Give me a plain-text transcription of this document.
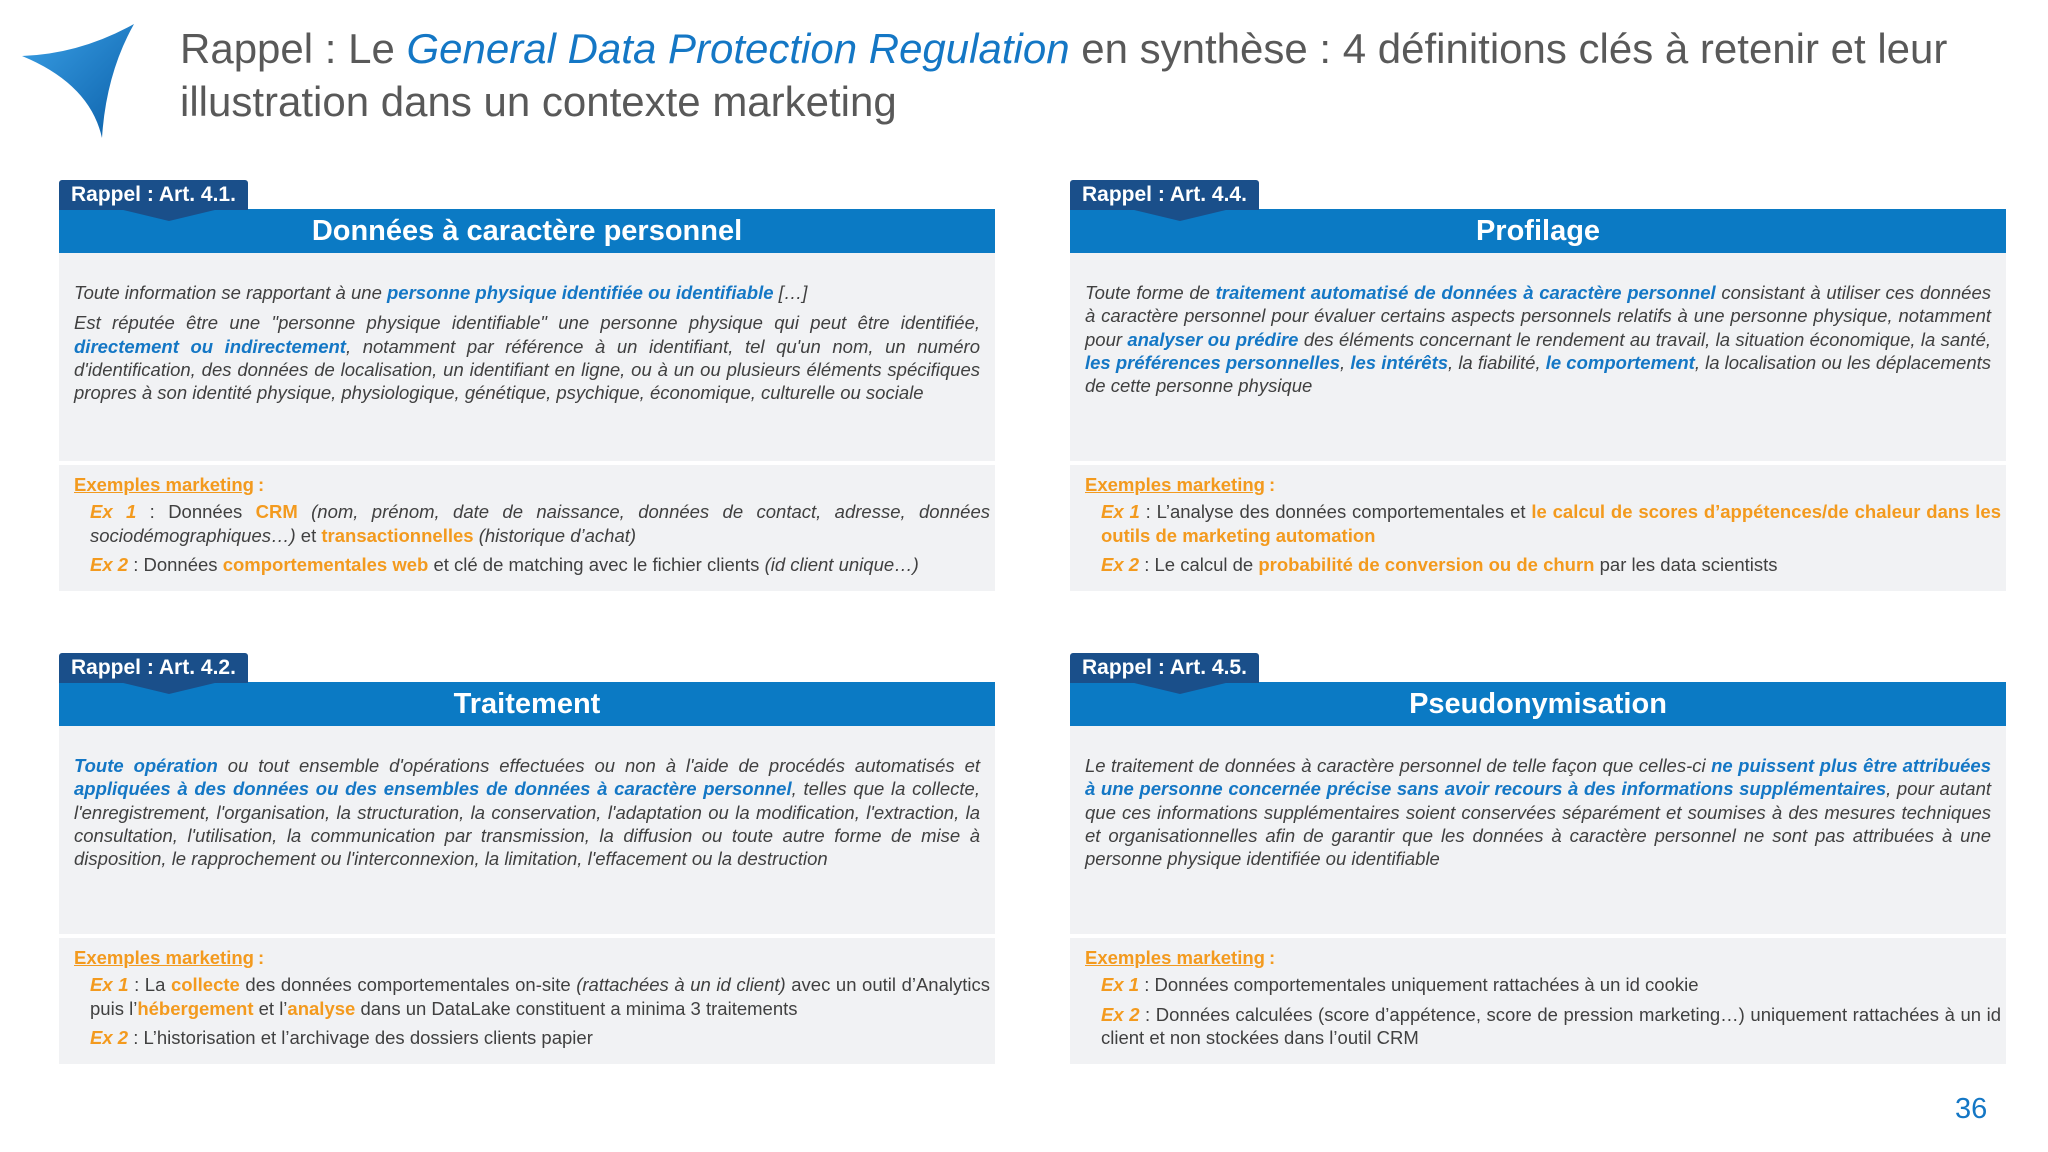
Rappel : Le General Data Protection Regulation en synthèse : 4 définitions clés à retenir et leur illustration dans un contexte marketing
Rappel : Art. 4.1.
Données à caractère personnel

Toute information se rapportant à une personne physique identifiée ou identifiable […]

Est réputée être une "personne physique identifiable" une personne physique qui peut être identifiée, directement ou indirectement, notamment par référence à un identifiant, tel qu'un nom, un numéro d'identification, des données de localisation, un identifiant en ligne, ou à un ou plusieurs éléments spécifiques propres à son identité physique, physiologique, génétique, psychique, économique, culturelle ou sociale

Exemples marketing :

Ex 1 : Données CRM (nom, prénom, date de naissance, données de contact, adresse, données sociodémographiques…) et transactionnelles (historique d’achat)

Ex 2 : Données comportementales web et clé de matching avec le fichier clients (id client unique…)

Rappel : Art. 4.4.
Profilage

Toute forme de traitement automatisé de données à caractère personnel consistant à utiliser ces données à caractère personnel pour évaluer certains aspects personnels relatifs à une personne physique, notamment pour analyser ou prédire des éléments concernant le rendement au travail, la situation économique, la santé, les préférences personnelles, les intérêts, la fiabilité, le comportement, la localisation ou les déplacements de cette personne physique

Exemples marketing :

Ex 1 : L’analyse des données comportementales et le calcul de scores d’appétences/de chaleur dans les outils de marketing automation

Ex 2 : Le calcul de probabilité de conversion ou de churn par les data scientists

Rappel : Art. 4.2.
Traitement

Toute opération ou tout ensemble d'opérations effectuées ou non à l'aide de procédés automatisés et appliquées à des données ou des ensembles de données à caractère personnel, telles que la collecte, l'enregistrement, l'organisation, la structuration, la conservation, l'adaptation ou la modification, l'extraction, la consultation, l'utilisation, la communication par transmission, la diffusion ou toute autre forme de mise à disposition, le rapprochement ou l'interconnexion, la limitation, l'effacement ou la destruction

Exemples marketing :

Ex 1 : La collecte des données comportementales on-site (rattachées à un id client) avec un outil d’Analytics puis l’hébergement et l’analyse dans un DataLake constituent a minima 3 traitements

Ex 2 : L’historisation et l’archivage des dossiers clients papier

Rappel : Art. 4.5.
Pseudonymisation

Le traitement de données à caractère personnel de telle façon que celles-ci ne puissent plus être attribuées à une personne concernée précise sans avoir recours à des informations supplémentaires, pour autant que ces informations supplémentaires soient conservées séparément et soumises à des mesures techniques et organisationnelles afin de garantir que les données à caractère personnel ne sont pas attribuées à une personne physique identifiée ou identifiable

Exemples marketing :

Ex 1 : Données comportementales uniquement rattachées à un id cookie

Ex 2 : Données calculées (score d’appétence, score de pression marketing…) uniquement rattachées à un id client et non stockées dans l’outil CRM

36
